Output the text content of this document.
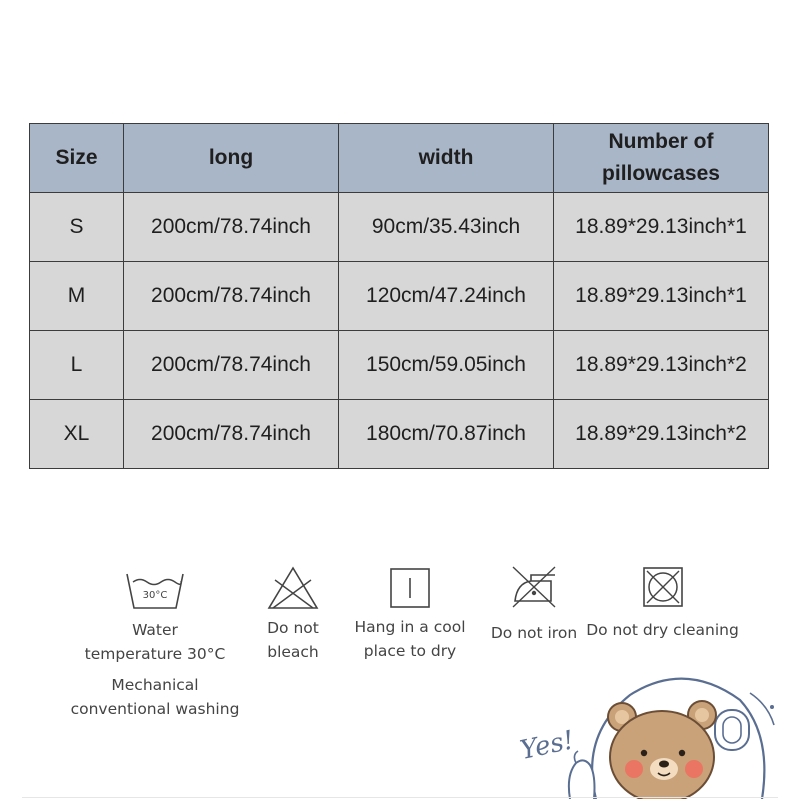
Size	long	width	Number of pillowcases
S	200cm/78.74inch	90cm/35.43inch	18.89*29.13inch*1
M	200cm/78.74inch	120cm/47.24inch	18.89*29.13inch*1
L	200cm/78.74inch	150cm/59.05inch	18.89*29.13inch*2
XL	200cm/78.74inch	180cm/70.87inch	18.89*29.13inch*2
30°C
Water
temperature 30°C
Mechanical
conventional washing
Do not
bleach
Hang in a cool
place to dry
Do not iron Do not dry cleaning
Yes!
